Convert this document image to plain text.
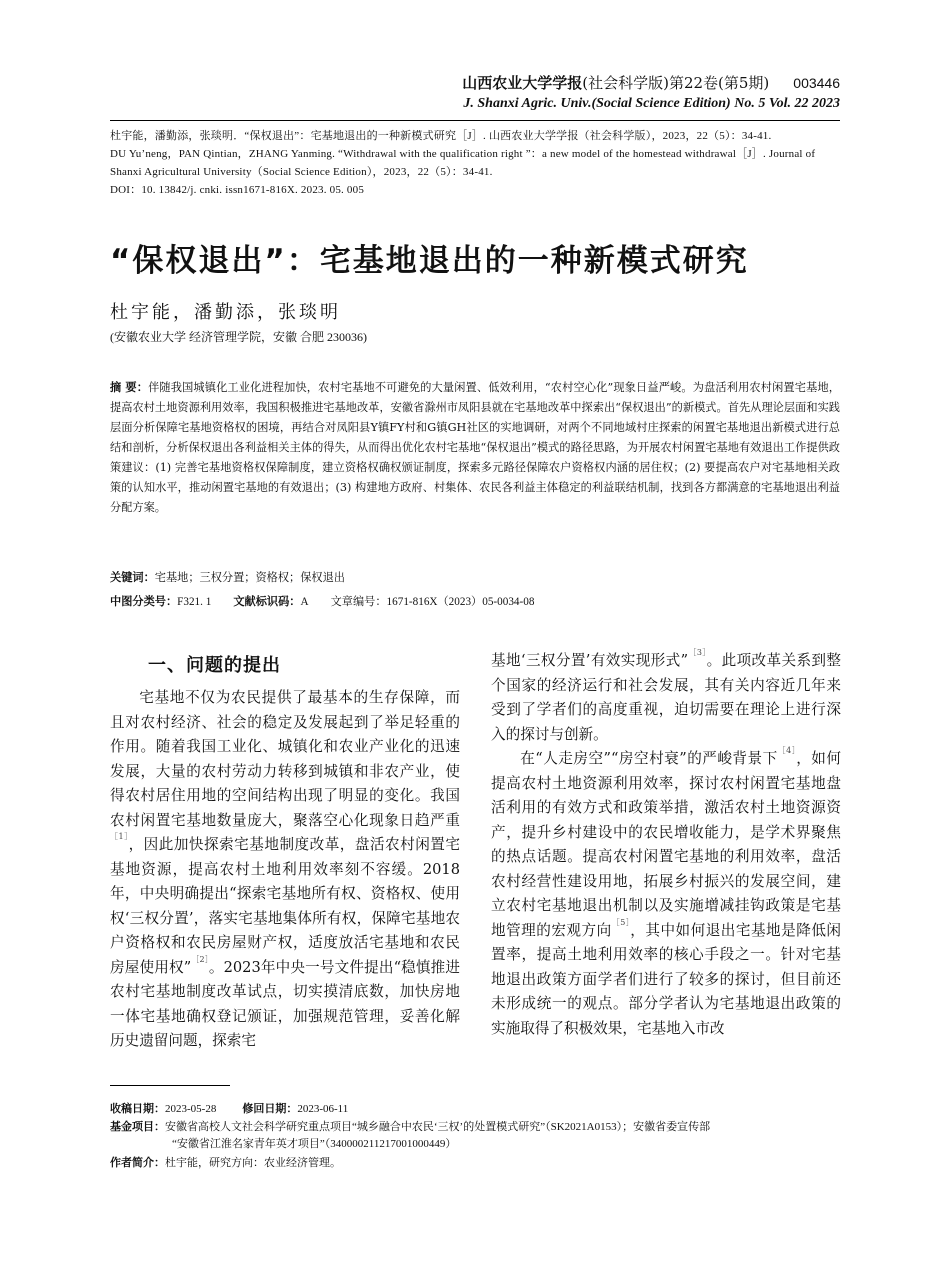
山西农业大学学报(社会科学版)第22卷(第5期) 003446
J. Shanxi Agric. Univ.(Social Science Edition) No. 5 Vol. 22 2023
杜宇能，潘勤添，张琰明．“保权退出”：宅基地退出的一种新模式研究［J］. 山西农业大学学报（社会科学版），2023，22（5）：34-41.
DU Yu’neng，PAN Qintian，ZHANG Yanming. “Withdrawal with the qualification right ”：a new model of the homestead withdrawal［J］. Journal of Shanxi Agricultural University（Social Science Edition），2023，22（5）：34-41.
DOI：10. 13842/j. cnki. issn1671-816X. 2023. 05. 005
“保权退出”：宅基地退出的一种新模式研究
杜宇能，潘勤添，张琰明
(安徽农业大学 经济管理学院，安徽 合肥 230036)
摘 要：伴随我国城镇化工业化进程加快，农村宅基地不可避免的大量闲置、低效利用，“农村空心化”现象日益严峻。为盘活利用农村闲置宅基地，提高农村土地资源利用效率，我国积极推进宅基地改革，安徽省滁州市凤阳县就在宅基地改革中探索出“保权退出”的新模式。首先从理论层面和实践层面分析保障宅基地资格权的困境，再结合对凤阳县Y镇FY村和G镇GH社区的实地调研，对两个不同地域村庄探索的闲置宅基地退出新模式进行总结和剖析，分析保权退出各利益相关主体的得失，从而得出优化农村宅基地“保权退出”模式的路径思路，为开展农村闲置宅基地有效退出工作提供政策建议：(1) 完善宅基地资格权保障制度，建立资格权确权颁证制度，探索多元路径保障农户资格权内涵的居住权；(2) 要提高农户对宅基地相关政策的认知水平，推动闲置宅基地的有效退出；(3) 构建地方政府、村集体、农民各利益主体稳定的利益联结机制，找到各方都满意的宅基地退出利益分配方案。
关键词：宅基地；三权分置；资格权；保权退出
中图分类号：F321. 1 文献标识码：A 文章编号：1671-816X（2023）05-0034-08
一、问题的提出

宅基地不仅为农民提供了最基本的生存保障，而且对农村经济、社会的稳定及发展起到了举足轻重的作用。随着我国工业化、城镇化和农业产业化的迅速发展，大量的农村劳动力转移到城镇和非农产业，使得农村居住用地的空间结构出现了明显的变化。我国农村闲置宅基地数量庞大，聚落空心化现象日趋严重$^{[1]}$，因此加快探索宅基地制度改革，盘活农村闲置宅基地资源，提高农村土地利用效率刻不容缓。2018年，中央明确提出“探索宅基地所有权、资格权、使用权‘三权分置’，落实宅基地集体所有权，保障宅基地农户资格权和农民房屋财产权，适度放活宅基地和农民房屋使用权”$^{[2]}$。2023年中央一号文件提出“稳慎推进农村宅基地制度改革试点，切实摸清底数，加快房地一体宅基地确权登记颁证，加强规范管理，妥善化解历史遗留问题，探索宅

基地‘三权分置’有效实现形式”$^{[3]}$。此项改革关系到整个国家的经济运行和社会发展，其有关内容近几年来受到了学者们的高度重视，迫切需要在理论上进行深入的探讨与创新。

在“人走房空”“房空村衰”的严峻背景下$^{[4]}$，如何提高农村土地资源利用效率，探讨农村闲置宅基地盘活利用的有效方式和政策举措，激活农村土地资源资产，提升乡村建设中的农民增收能力，是学术界聚焦的热点话题。提高农村闲置宅基地的利用效率，盘活农村经营性建设用地，拓展乡村振兴的发展空间，建立农村宅基地退出机制以及实施增减挂钩政策是宅基地管理的宏观方向$^{[5]}$，其中如何退出宅基地是降低闲置率，提高土地利用效率的核心手段之一。针对宅基地退出政策方面学者们进行了较多的探讨，但目前还未形成统一的观点。部分学者认为宅基地退出政策的实施取得了积极效果，宅基地入市改

收稿日期：2023-05-28 修回日期：2023-06-11
基金项目：安徽省高校人文社会科学研究重点项目“城乡融合中农民‘三权’的处置模式研究”（SK2021A0153）；安徽省委宣传部
“安徽省江淮名家青年英才项目”（340000211217001000449）
作者简介：杜宇能，研究方向：农业经济管理。
